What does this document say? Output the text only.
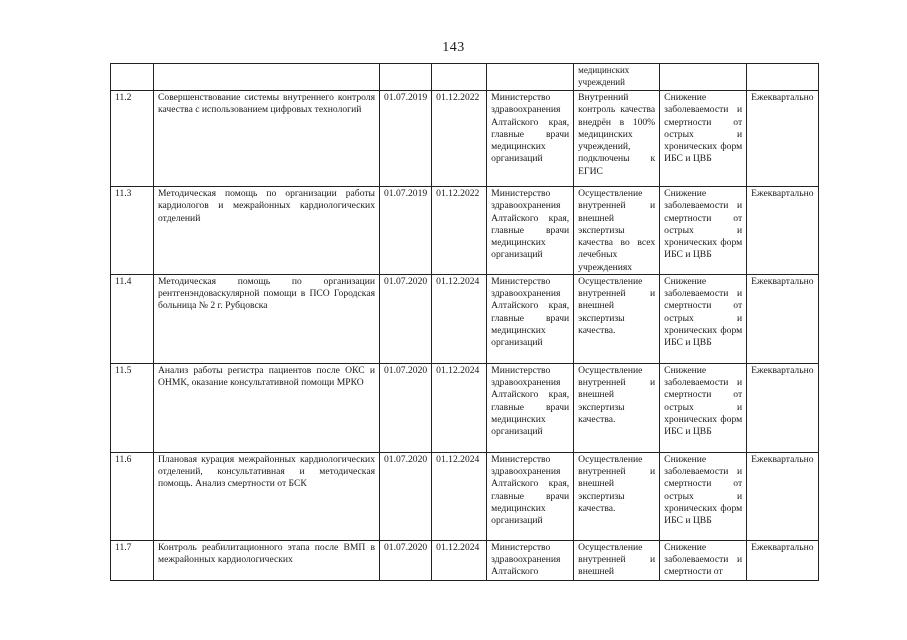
143
					медицинских учреждений		
11.2	Совершенствование системы внутреннего контроля качества с использованием цифровых технологий	01.07.2019	01.12.2022	Министерство здравоохранения Алтайского края, главные врачи медицинских организаций	Внутренний контроль качества внедрён в 100% медицинских учреждений, подключены к ЕГИС	Снижение заболеваемости и смертности от острых и хронических форм ИБС и ЦВБ	Ежеквартально
11.3	Методическая помощь по организации работы кардиологов и межрайонных кардиологических отделений	01.07.2019	01.12.2022	Министерство здравоохранения Алтайского края, главные врачи медицинских организаций	Осуществление внутренней и внешней экспертизы качества во всех лечебных учреждениях	Снижение заболеваемости и смертности от острых и хронических форм ИБС и ЦВБ	Ежеквартально
11.4	Методическая помощь по организации рентгенэндоваскулярной помощи в ПСО Городская больница № 2 г. Рубцовска	01.07.2020	01.12.2024	Министерство здравоохранения Алтайского края, главные врачи медицинских организаций	Осуществление внутренней и внешней экспертизы качества.	Снижение заболеваемости и смертности от острых и хронических форм ИБС и ЦВБ	Ежеквартально
11.5	Анализ работы регистра пациентов после ОКС и ОНМК, оказание консультативной помощи МРКО	01.07.2020	01.12.2024	Министерство здравоохранения Алтайского края, главные врачи медицинских организаций	Осуществление внутренней и внешней экспертизы качества.	Снижение заболеваемости и смертности от острых и хронических форм ИБС и ЦВБ	Ежеквартально
11.6	Плановая курация межрайонных кардиологических отделений, консультативная и методическая помощь. Анализ смертности от БСК	01.07.2020	01.12.2024	Министерство здравоохранения Алтайского края, главные врачи медицинских организаций	Осуществление внутренней и внешней экспертизы качества.	Снижение заболеваемости и смертности от острых и хронических форм ИБС и ЦВБ	Ежеквартально
11.7	Контроль реабилитационного этапа после ВМП в межрайонных кардиологических	01.07.2020	01.12.2024	Министерство здравоохранения Алтайского	Осуществление внутренней и внешней	Снижение заболеваемости и смертности от	Ежеквартально
